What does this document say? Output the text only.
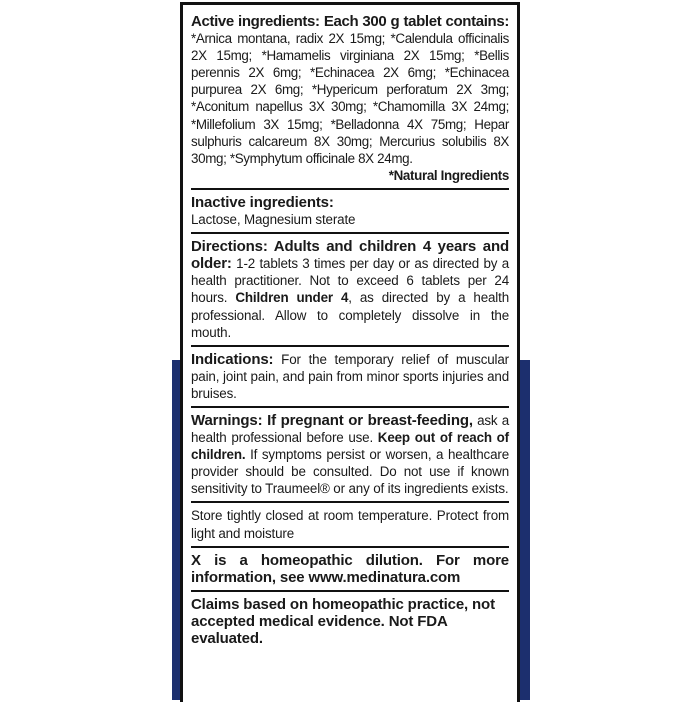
Active ingredients: Each 300 g tablet contains: *Arnica montana, radix 2X 15mg; *Calendula officinalis 2X 15mg; *Hamamelis virginiana 2X 15mg; *Bellis perennis 2X 6mg; *Echinacea 2X 6mg; *Echinacea purpurea 2X 6mg; *Hypericum perforatum 2X 3mg; *Aconitum napellus 3X 30mg; *Chamomilla 3X 24mg; *Millefolium 3X 15mg; *Belladonna 4X 75mg; Hepar sulphuris calcareum 8X 30mg; Mercurius solubilis 8X 30mg; *Symphytum officinale 8X 24mg.
*Natural Ingredients
Inactive ingredients:
Lactose, Magnesium sterate
Directions: Adults and children 4 years and older: 1-2 tablets 3 times per day or as directed by a health practitioner. Not to exceed 6 tablets per 24 hours. Children under 4, as directed by a health professional. Allow to completely dissolve in the mouth.
Indications: For the temporary relief of muscular pain, joint pain, and pain from minor sports injuries and bruises.
Warnings: If pregnant or breast-feeding, ask a health professional before use. Keep out of reach of children. If symptoms persist or worsen, a healthcare provider should be consulted. Do not use if known sensitivity to Traumeel® or any of its ingredients exists.
Store tightly closed at room temperature. Protect from light and moisture
X is a homeopathic dilution. For more information, see www.medinatura.com
Claims based on homeopathic practice, not accepted medical evidence. Not FDA evaluated.
